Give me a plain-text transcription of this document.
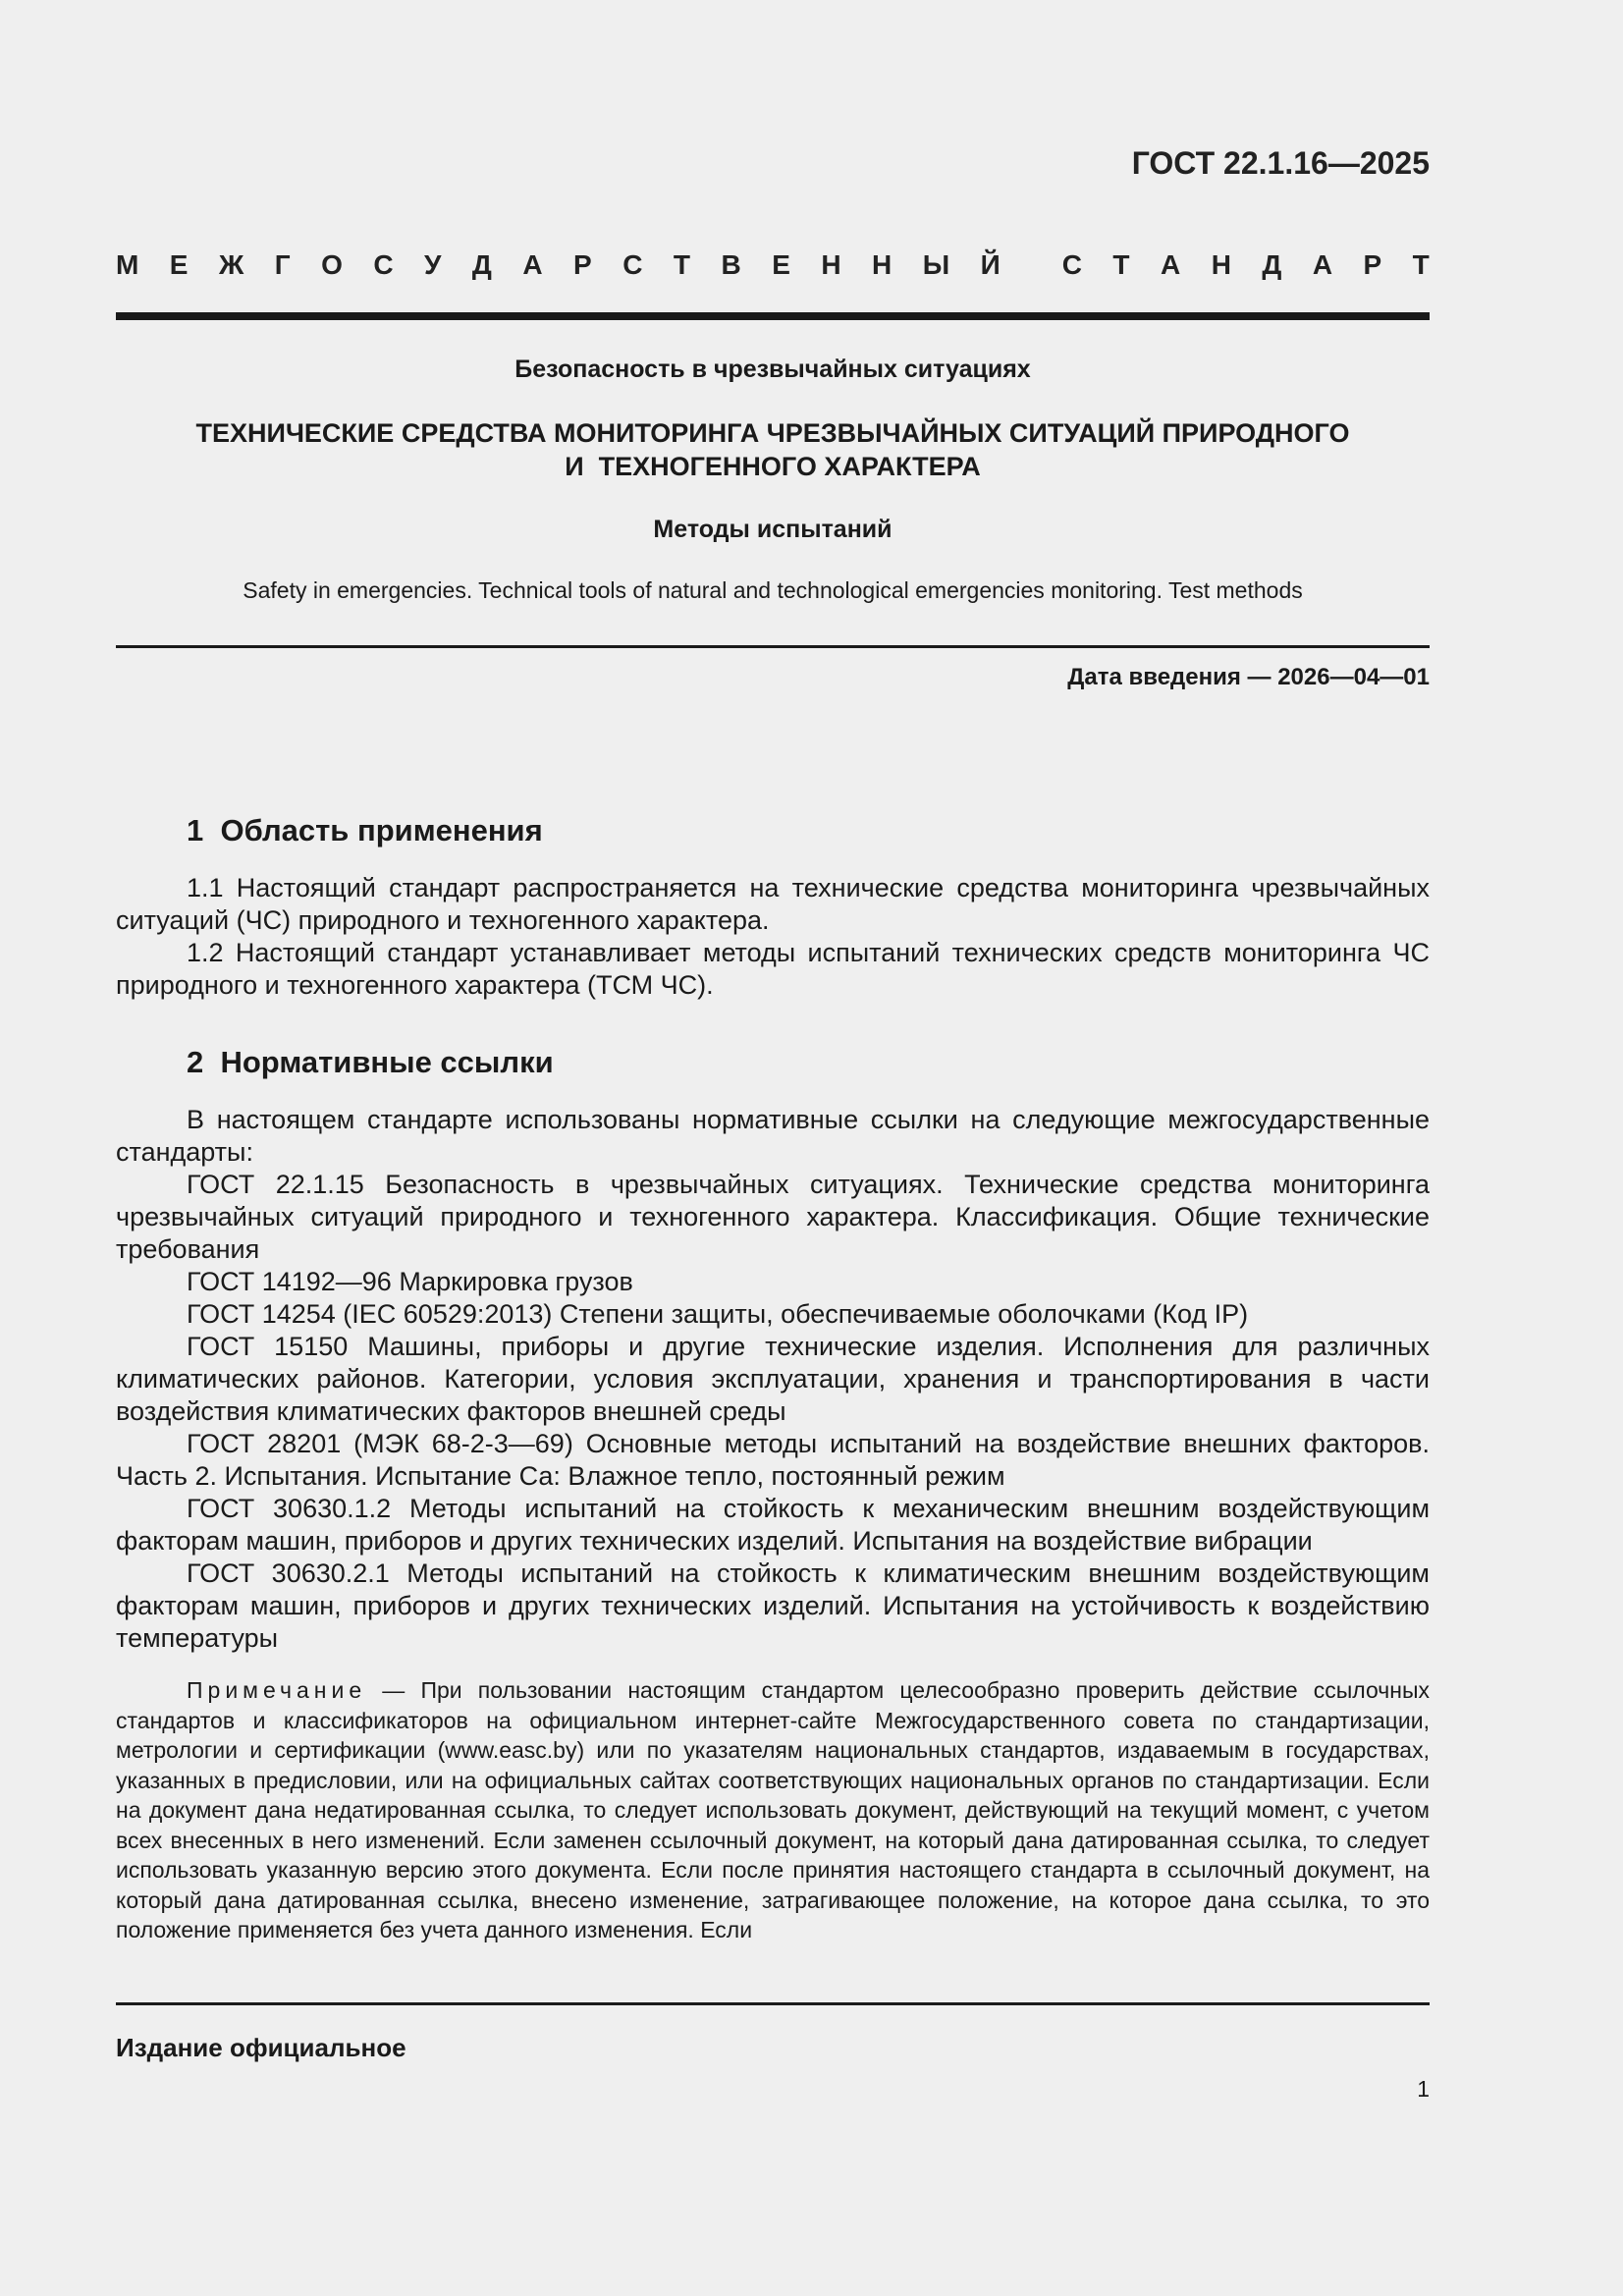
ГОСТ 22.1.16—2025
М Е Ж Г О С У Д А Р С Т В Е Н Н Ы Й С Т А Н Д А Р Т
Безопасность в чрезвычайных ситуациях
ТЕХНИЧЕСКИЕ СРЕДСТВА МОНИТОРИНГА ЧРЕЗВЫЧАЙНЫХ СИТУАЦИЙ ПРИРОДНОГО
И  ТЕХНОГЕННОГО ХАРАКТЕРА
Методы испытаний
Safety in emergencies. Technical tools of natural and technological emergencies monitoring. Test methods
Дата введения — 2026—04—01
1  Область применения

1.1 Настоящий стандарт распространяется на технические средства мониторинга чрезвычайных ситуаций (ЧС) природного и техногенного характера.

1.2 Настоящий стандарт устанавливает методы испытаний технических средств мониторинга ЧС природного и техногенного характера (ТСМ ЧС).

2  Нормативные ссылки

В настоящем стандарте использованы нормативные ссылки на следующие межгосударственные стандарты:

ГОСТ 22.1.15 Безопасность в чрезвычайных ситуациях. Технические средства мониторинга чрезвычайных ситуаций природного и техногенного характера. Классификация. Общие технические требования

ГОСТ 14192—96 Маркировка грузов

ГОСТ 14254 (IEC 60529:2013) Степени защиты, обеспечиваемые оболочками (Код IP)

ГОСТ 15150 Машины, приборы и другие технические изделия. Исполнения для различных климатических районов. Категории, условия эксплуатации, хранения и транспортирования в части воздействия климатических факторов внешней среды

ГОСТ 28201 (МЭК 68-2-3—69) Основные методы испытаний на воздействие внешних факторов. Часть 2. Испытания. Испытание Са: Влажное тепло, постоянный режим

ГОСТ 30630.1.2 Методы испытаний на стойкость к механическим внешним воздействующим факторам машин, приборов и других технических изделий. Испытания на воздействие вибрации

ГОСТ 30630.2.1 Методы испытаний на стойкость к климатическим внешним воздействующим факторам машин, приборов и других технических изделий. Испытания на устойчивость к воздействию температуры

Примечание — При пользовании настоящим стандартом целесообразно проверить действие ссылочных стандартов и классификаторов на официальном интернет-сайте Межгосударственного совета по стандартизации, метрологии и сертификации (www.easc.by) или по указателям национальных стандартов, издаваемым в государствах, указанных в предисловии, или на официальных сайтах соответствующих национальных органов по стандартизации. Если на документ дана недатированная ссылка, то следует использовать документ, действующий на текущий момент, с учетом всех внесенных в него изменений. Если заменен ссылочный документ, на который дана датированная ссылка, то следует использовать указанную версию этого документа. Если после принятия настоящего стандарта в ссылочный документ, на который дана датированная ссылка, внесено изменение, затрагивающее положение, на которое дана ссылка, то это положение применяется без учета данного изменения. Если
Издание официальное
1
